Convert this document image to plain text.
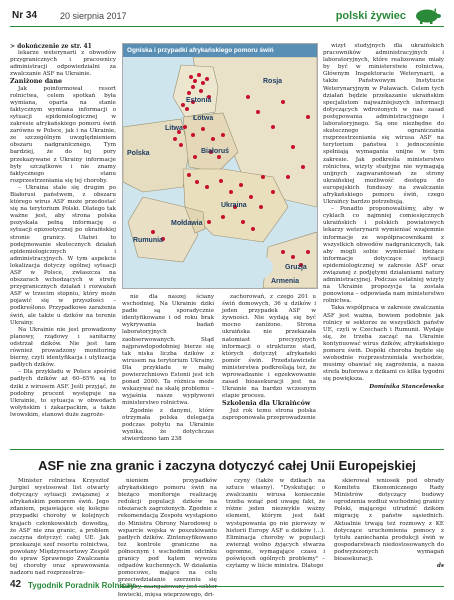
Nr 34	20 sierpnia 2017	polski żywiec

> dokończenie ze str. 41

lekarze weterynarii z obwodów przygranicznych i pracownicy administracji odpowiedzialni za zwalczanie ASF na Ukrainie.

Zaniżone dane

Jak poinformował resort rolnictwa, celem spotkań była wymiana, oparta na stanie faktycznym wymiana informacji o sytuacji epidemiologicznej w zakresie afrykańskiego pomoru świń zarówno w Polsce, jak i na Ukrainie, ze szczególnym uwzględnieniem obszaru nadgranicznego. Tym bardziej, że do tej pory przekazywane z Ukrainy informacje były szczątkowe i nie znamy faktycznego stanu rozprzestrzeniania się tej choroby.

– Ukraina stale się drugim po Białorusi państwem, z obszaru którego wirus ASF może przedostać się na terytorium Polski. Dlatego tak ważne jest, aby strona polska pozyskała pełną informację o sytuacji epizootycznej po ukraińskiej stronie granicy. Ułatwi to podejmowanie skutecznych działań epidemiologicznych i administracyjnych. W tym aspekcie lokalizacja dotyczy ogólnej sytuacji ASF w Polsce, zwłaszcza na obszarach wchodzących w strefę przygranicznych działań i rozważań ASF w trzecim stopniu, który może pojawić się w przyszłości – podkreślono. Przypadkowe zarażenia świń, ale także u dzików na terenie Ukrainy.

Na Ukrainie nie jest prowadzony planowy, rządowy i sanitarny odstrzał dzików. Nie jest tam również prowadzony monitoring bierny, czyli identyfikacja i utylizacja padłych dzików.

– Dla przykładu w Polsce spośród padłych dzików aż 60–65% są to dziki z wirusem ASF. Jeśli przyjąć, że podobny procent występuje na Ukrainie, to sytuacja w obwodach wołyńskim i żakarpackim, a także lwowskim, stanowi duże zagroże-

Ogniska i przypadki afrykańskiego pomoru świń
Estonia
Łotwa
Rosja
Litwa
Polska	Białoruś
Ukraina
Mołdawia
Rumunia
Gruzja
Armenia

nie dla naszej ściany wschodniej. Na Ukrainie dziki padłe są sporadycznie identyfikowane i od roku brak wykrywania badań laboratoryjnych zaobserwowanych. Stąd najprawdopodobniej bierze się tak niska liczba dzików z wirusem na terytorium Ukrainy. Dla przykładu w małej powierzchniowo Estonii jest ich ponad 2000. Ta różnica może wskazywać na skalę problemu – wyjaśnia nasze wypływowi ministerstwo rolnictwa.

Zgodnie z danymi, które otrzymała polska delegacja podczas pobytu na Ukrainie wynika, że dotychczas stwierdzono tam 238

zachorowań, z czego 201 u świń domowych, 36 u dzików i jeden przypadek ASF w żywności. Nie wydają się być mocno zaniżone. Strona ukraińska nie przekazała natomiast precyzyjnych informacji o strukturze stad, których dotyczył afrykański pomór świń. Przedstawiciele ministerstwa podkreślają też, że wprowadzanie i egzekwowanie zasad bioasekuracji jest na Ukrainie na bardzo wczesnym etapie procesu.

Szkolenia dla Ukraińców

Już rok temu strona polska zaproponowała przeprowadzenie

wizyt studyjnych dla ukraińskich pracowników administracyjnych i laboratoryjnych, które realizowane miały by być w ministerstwie rolnictwa, Głównym Inspektoracie Weterynarii, a także Państwowym Instytucie Weterynaryjnym w Puławach. Celem tych działań będzie przekazanie ukraińskim specjalistom najważniejszych informacji dotyczących wdrożonych w nas zasad postępowania administracyjnego i laboratoryjnego. Są one niezbędne do skutecznego ograniczania rozprzestrzeniania się wirusa ASF na terytorium państwa i jednocześnie spełniają wymagania unijne w tym zakresie. Jak podkreśla ministerstwo rolnictwa, wizyty studyjne nie wymagają unijnych zagwarantowań ze strony ukraińskiej możliwość dostępu do europejskich funduszy na zwalczanie afrykańskiego pomoru świń, czego Ukraińcy bardzo potrzebują.

– Ponadto proponowaliśmy, aby w cyklach co najmniej comiesięcznych ukraińskich i polskich powiatowych lekarzy weterynarii wymieniać wzajemnie informacje ze współpracownikami z wszystkich obwodów nadgranicznych, tak aby mogli sobie wymieniać bieżące informacje dotyczące sytuacji epidemiologicznej w zakresie ASF oraz związanej z podjętymi działaniami natury administracyjnej. Podczas ostatniej wizyty na Ukrainie propozycja ta została ponowiona – odpowiada nam ministerstwo rolnictwa.

Taka współpraca w zakresie zwalczania ASF jest ważna, bowiem podobnie jak rolnicy w sektorze ze wszystkich państw UE, czyli w Czechach i Rumunii. Wydaje się, że trzeba zacząć na Ukrainie kontynuować wirus dzików, afrykańskiego pomoru świń. Dopóki choroba będzie się swobodnie rozprzestrzeniała wschodzie, musimy obawiać się zagrożenia, a nasza strefa buforowa z dzikami co kilka tygodni się powiększa.

Dominika Stancelewska

ASF nie zna granic i zaczyna dotyczyć całej Unii Europejskiej

Minister rolnictwa Krzysztof Jurgiel wystosował list otwarty dotyczący sytuacji związanej z afrykańskim pomorem świń. Jego zdaniem, pojawiające się kolejne przypadki choroby w kolejnych krajach członkowskich dowodzą, że ASF nie zna granic, a problem zaczyna dotyczyć całej UE. Jak przekazuje szef resortu rolnictwa, powołany Międzyresortowy Zespół do spraw Sprawnego Zwalczania tej choroby oraz sprawowania nadzoru nad rozprzestrze-

nieniem przypadków afrykańskiego pomoru świń na bieżąco monitoruje realizację redukcji populacji dzików na obszarach zagrożonych. Zgodnie z rekomendacją Zespołu wystąpiono do Ministra Obrony Narodowej o wsparcie wojska w poszukiwaniu padłych dzików. Zintensyfikowano też kontrole graniczne na północnym i wschodnim odcinku granicy pod kątem wywozu odpadów kuchennych. W działania pomocowe, mające na celu przeciwdziałanie szerzeniu się choroby, zaangażowany jest sektor łowiecki, mięsa wieprzowego, dri-

czyny (także w dzikach na sztuce własny). "Dyskutując o zwalczaniu wirusa koniecznie trzeba wziąć pod uwagę fakt, że różne jeden niezwykle ważny element, którym jest fakt występowania go nie pierwszy w historii Europy ASF u dzików (...). Eliminacja choroby w populacji zwierząt wolno żyjących stwarza ogromne, wymagające czasu i poświęceń ogólnych problemy" – czytamy w liście ministra. Dlatego

skierował wniosek pod obrady Komitetu Ekonomicznego Rady Ministrów dotyczący budowy ogrodzenia wzdłuż wschodniej granicy Polski, mającego utrudnić dzikom migrację z państw sąsiednich. Aktualnie trwają też rozmowy z KE dotyczące uruchomienia pomocy z tytułu zaniechania produkcji świń w gospodarstwach niedostosowanych do podwyższonych wymagań bioasekuracji.

ds

42 Tygodnik Poradnik Rolniczy
